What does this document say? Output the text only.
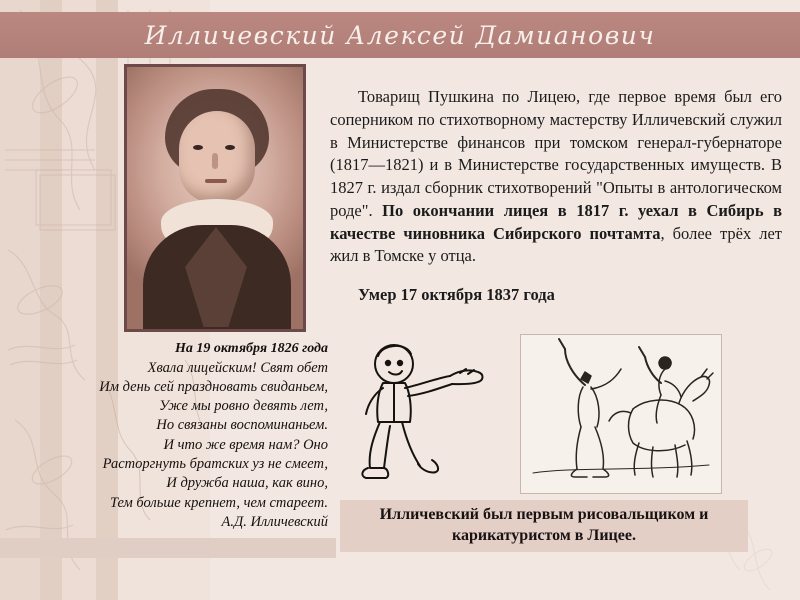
Илличевский Алексей Дамианович
Товарищ Пушкина по Лицею, где первое время был его соперником по стихотворному мастерству Илличевский служил в Министерстве финансов при томском генерал-губернаторе (1817—1821) и в Министерстве государственных имуществ. В 1827 г. издал сборник стихотворений "Опыты в антологическом роде". По окончании лицея в 1817 г. уехал в Сибирь в качестве чиновника Сибирского почтамта, более трёх лет жил в Томске у отца.
Умер 17 октября 1837 года
На 19 октября 1826 года
Хвала лицейским! Свят обет
Им день сей праздновать свиданьем,
Уже мы ровно девять лет,
Но связаны воспоминаньем.
И что же время нам? Оно
Расторгнуть братских уз не смеет,
И дружба наша, как вино,
Тем больше крепнет, чем стареет.
А.Д. Илличевский	Илличевский был первым рисовальщиком и
карикатуристом в Лицее.
